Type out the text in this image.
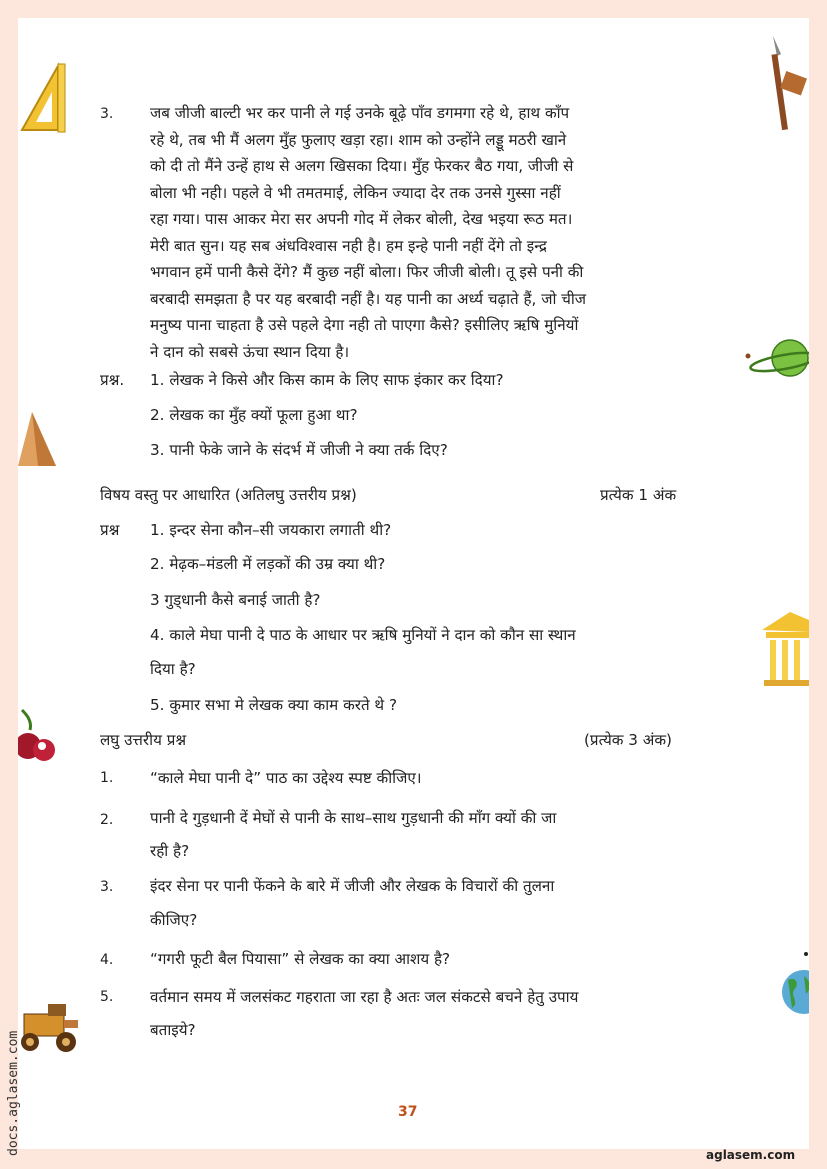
3. जब जीजी बाल्टी भर कर पानी ले गई उनके बूढ़े पाँव डगमगा रहे थे, हाथ काँप
रहे थे, तब भी मैं अलग मुँह फुलाए खड़ा रहा। शाम को उन्होंने लड्डू मठरी खाने
को दी तो मैंने उन्हें हाथ से अलग खिसका दिया। मुँह फेरकर बैठ गया, जीजी से
बोला भी नही। पहले वे भी तमतमाई, लेकिन ज्यादा देर तक उनसे गुस्सा नहीं
रहा गया। पास आकर मेरा सर अपनी गोद में लेकर बोली, देख भइया रूठ मत।
मेरी बात सुन। यह सब अंधविश्वास नही है। हम इन्हे पानी नहीं देंगे तो इन्द्र
भगवान हमें पानी कैसे देंगे? मैं कुछ नहीं बोला। फिर जीजी बोली। तू इसे पनी की
बरबादी समझता है पर यह बरबादी नहीं है। यह पानी का अर्ध्य चढ़ाते हैं, जो चीज
मनुष्य पाना चाहता है उसे पहले देगा नही तो पाएगा कैसे? इसीलिए ऋषि मुनियों
ने दान को सबसे ऊंचा स्थान दिया है।
प्रश्न. 1. लेखक ने किसे और किस काम के लिए साफ इंकार कर दिया?
2. लेखक का मुँह क्यों फूला हुआ था?
3. पानी फेके जाने के संदर्भ में जीजी ने क्या तर्क दिए?
विषय वस्तु पर आधारित (अतिलघु उत्तरीय प्रश्न)	प्रत्येक 1 अंक
प्रश्न 1. इन्दर सेना कौन–सी जयकारा लगाती थी?
2. मेढ़क–मंडली में लड़कों की उम्र क्या थी?
3 गुड्धानी कैसे बनाई जाती है?
4. काले मेघा पानी दे पाठ के आधार पर ऋषि मुनियों ने दान को कौन सा स्थान
दिया है?
5. कुमार सभा मे लेखक क्या काम करते थे ?
लघु उत्तरीय प्रश्न	(प्रत्येक 3 अंक)
1. “काले मेघा पानी दे” पाठ का उद्देश्य स्पष्ट कीजिए।
2. पानी दे गुड़धानी दें मेघों से पानी के साथ–साथ गुड़धानी की माँग क्यों की जा
रही है?
3. इंदर सेना पर पानी फेंकने के बारे में जीजी और लेखक के विचारों की तुलना
कीजिए?
4. “गगरी फूटी बैल पियासा” से लेखक का क्या आशय है?
5. वर्तमान समय में जलसंकट गहराता जा रहा है अतः जल संकटसे बचने हेतु उपाय
बताइये?
37
aglasem.com
docs.aglasem.com
